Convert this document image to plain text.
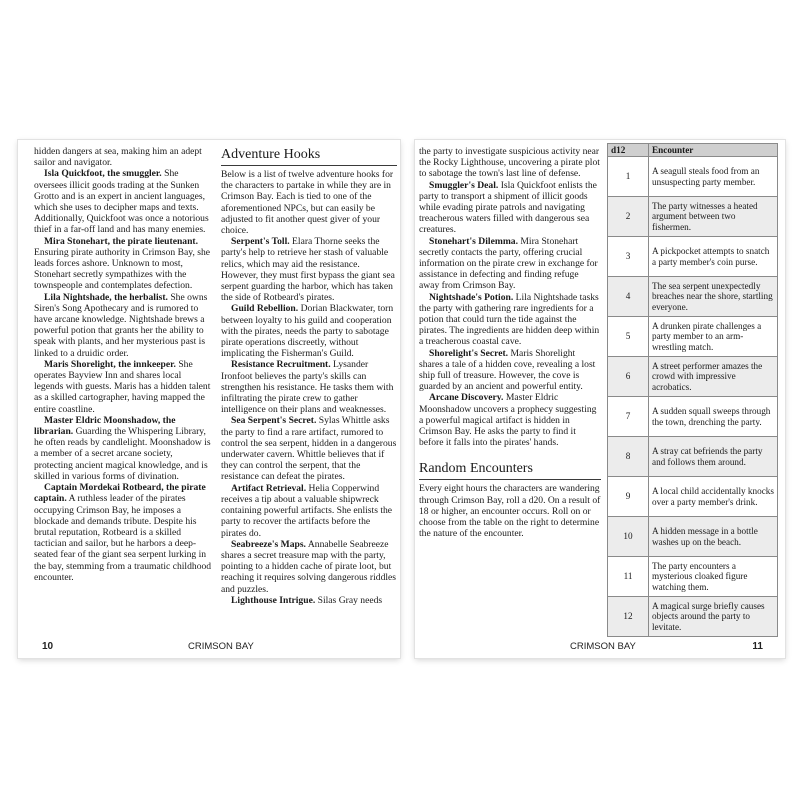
hidden dangers at sea, making him an adept sailor and navigator.

Isla Quickfoot, the smuggler. She oversees illicit goods trading at the Sunken Grotto and is an expert in ancient languages, which she uses to decipher maps and texts. Additionally, Quickfoot was once a notorious thief in a far-off land and has many enemies.

Mira Stonehart, the pirate lieutenant. Ensuring pirate authority in Crimson Bay, she leads forces ashore. Unknown to most, Stonehart secretly sympathizes with the townspeople and contemplates defection.

Lila Nightshade, the herbalist. She owns Siren's Song Apothecary and is rumored to have arcane knowledge. Nightshade brews a powerful potion that grants her the ability to speak with plants, and her mysterious past is linked to a druidic order.

Maris Shorelight, the innkeeper. She operates Bayview Inn and shares local legends with guests. Maris has a hidden talent as a skilled cartographer, having mapped the entire coastline.

Master Eldric Moonshadow, the librarian. Guarding the Whispering Library, he often reads by candlelight. Moonshadow is a member of a secret arcane society, protecting ancient magical knowledge, and is skilled in various forms of divination.

Captain Mordekai Rotbeard, the pirate captain. A ruthless leader of the pirates occupying Crimson Bay, he imposes a blockade and demands tribute. Despite his brutal reputation, Rotbeard is a skilled tactician and sailor, but he harbors a deep-seated fear of the giant sea serpent lurking in the bay, stemming from a traumatic childhood encounter.

Adventure Hooks

Below is a list of twelve adventure hooks for the characters to partake in while they are in Crimson Bay. Each is tied to one of the aforementioned NPCs, but can easily be adjusted to fit another quest giver of your choice.

Serpent's Toll. Elara Thorne seeks the party's help to retrieve her stash of valuable relics, which may aid the resistance. However, they must first bypass the giant sea serpent guarding the harbor, which has taken the side of Rotbeard's pirates.

Guild Rebellion. Dorian Blackwater, torn between loyalty to his guild and cooperation with the pirates, needs the party to sabotage pirate operations discreetly, without implicating the Fisherman's Guild.

Resistance Recruitment. Lysander Ironfoot believes the party's skills can strengthen his resistance. He tasks them with infiltrating the pirate crew to gather intelligence on their plans and weaknesses.

Sea Serpent's Secret. Sylas Whittle asks the party to find a rare artifact, rumored to control the sea serpent, hidden in a dangerous underwater cavern. Whittle believes that if they can control the serpent, that the resistance can defeat the pirates.

Artifact Retrieval. Helia Copperwind receives a tip about a valuable shipwreck containing powerful artifacts. She enlists the party to recover the artifacts before the pirates do.

Seabreeze's Maps. Annabelle Seabreeze shares a secret treasure map with the party, pointing to a hidden cache of pirate loot, but reaching it requires solving dangerous riddles and puzzles.

Lighthouse Intrigue. Silas Gray needs

10	CRIMSON BAY

the party to investigate suspicious activity near the Rocky Lighthouse, uncovering a pirate plot to sabotage the town's last line of defense.

Smuggler's Deal. Isla Quickfoot enlists the party to transport a shipment of illicit goods while evading pirate patrols and navigating treacherous waters filled with dangerous sea creatures.

Stonehart's Dilemma. Mira Stonehart secretly contacts the party, offering crucial information on the pirate crew in exchange for assistance in defecting and finding refuge away from Crimson Bay.

Nightshade's Potion. Lila Nightshade tasks the party with gathering rare ingredients for a potion that could turn the tide against the pirates. The ingredients are hidden deep within a treacherous coastal cave.

Shorelight's Secret. Maris Shorelight shares a tale of a hidden cove, revealing a lost ship full of treasure. However, the cove is guarded by an ancient and powerful entity.

Arcane Discovery. Master Eldric Moonshadow uncovers a prophecy suggesting a powerful magical artifact is hidden in Crimson Bay. He asks the party to find it before it falls into the pirates' hands.

Random Encounters

Every eight hours the characters are wandering through Crimson Bay, roll a d20. On a result of 18 or higher, an encounter occurs. Roll on or choose from the table on the right to determine the nature of the encounter.

d12	Encounter
1	A seagull steals food from an unsuspecting party member.
2	The party witnesses a heated argument between two fishermen.
3	A pickpocket attempts to snatch a party member's coin purse.
4	The sea serpent unexpectedly breaches near the shore, startling everyone.
5	A drunken pirate challenges a party member to an arm-wrestling match.
6	A street performer amazes the crowd with impressive acrobatics.
7	A sudden squall sweeps through the town, drenching the party.
8	A stray cat befriends the party and follows them around.
9	A local child accidentally knocks over a party member's drink.
10	A hidden message in a bottle washes up on the beach.
11	The party encounters a mysterious cloaked figure watching them.
12	A magical surge briefly causes objects around the party to levitate.
CRIMSON BAY	11
